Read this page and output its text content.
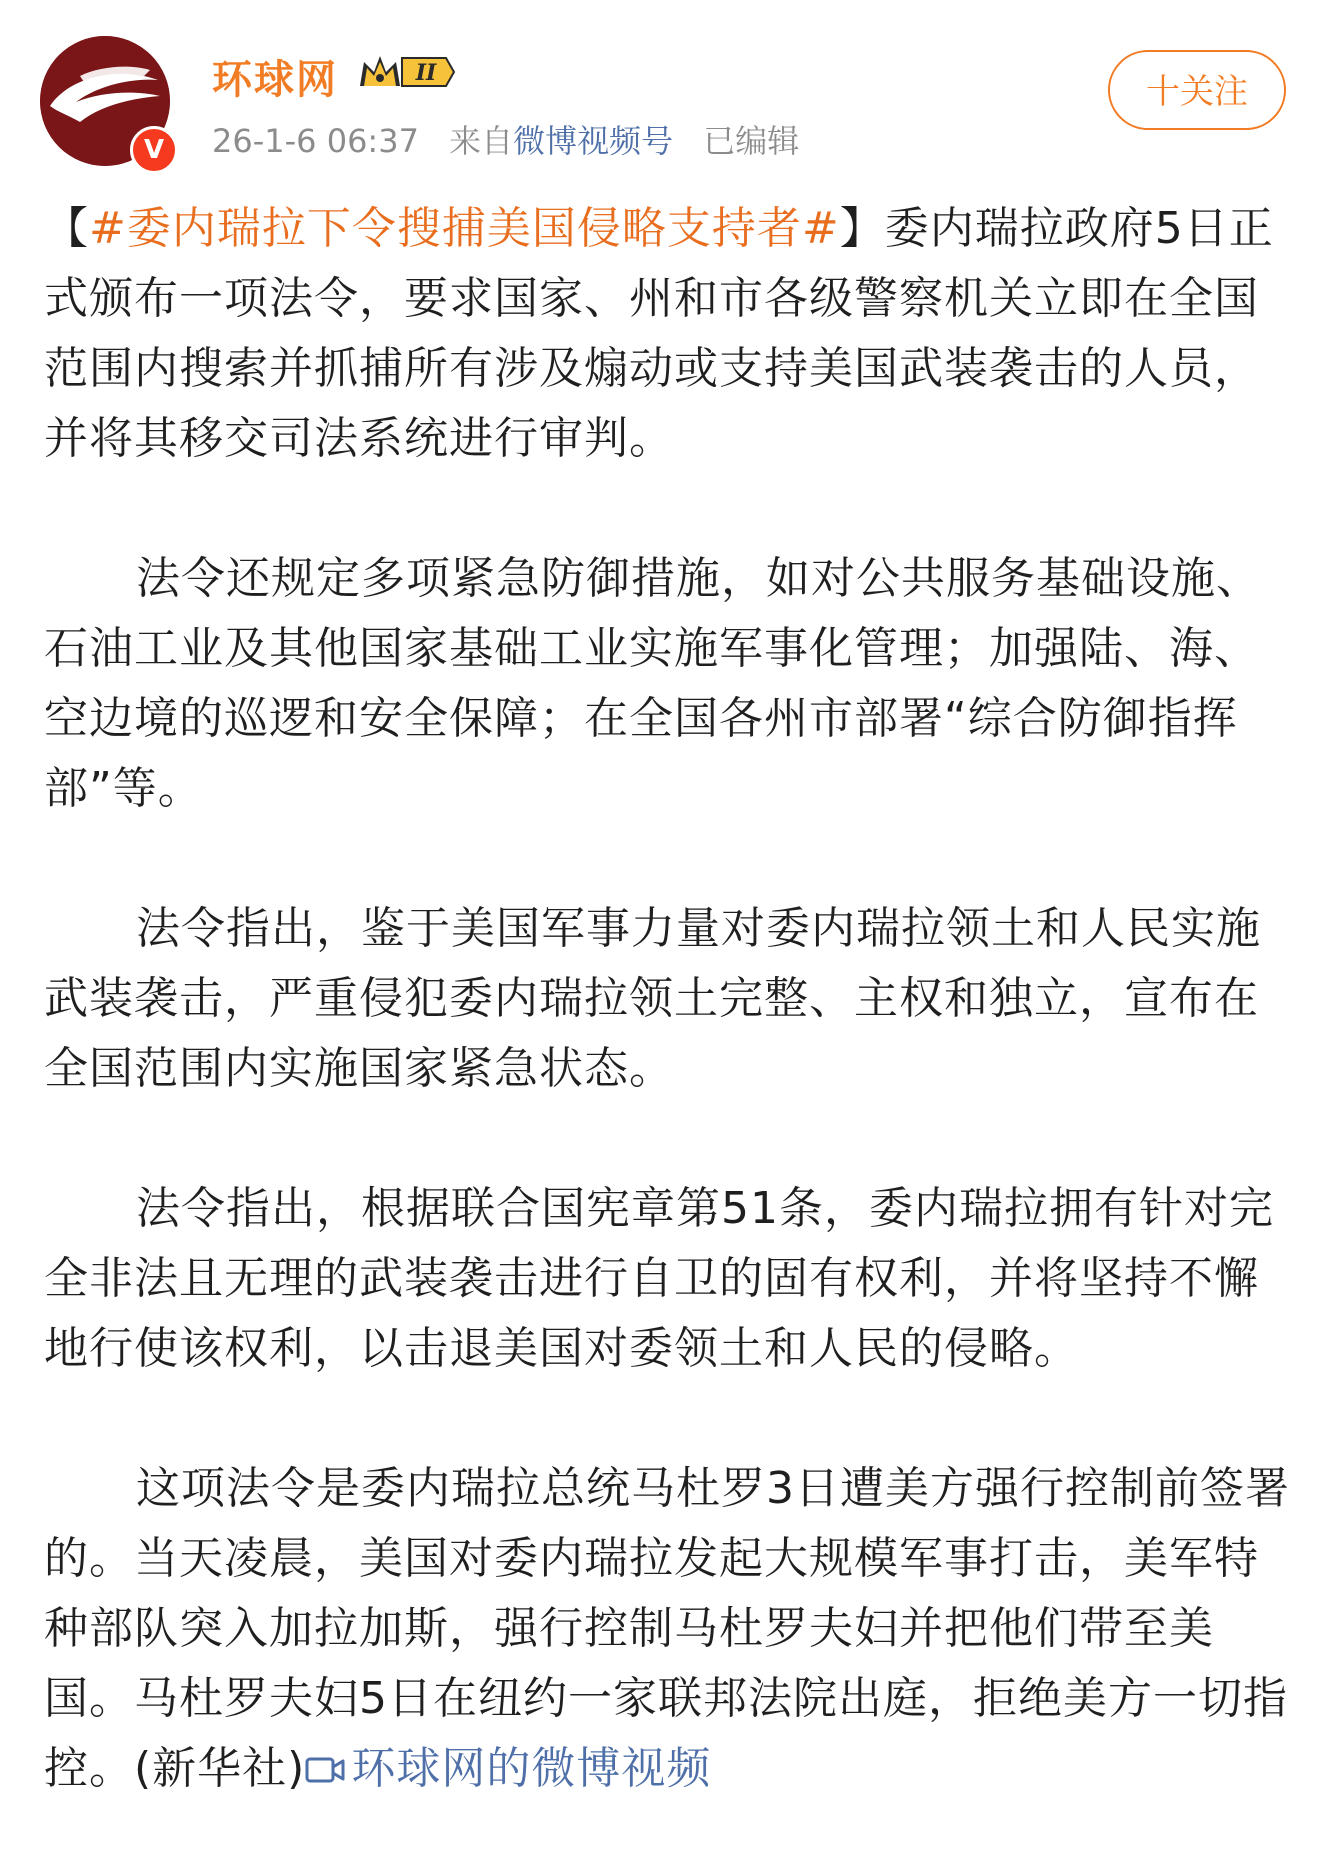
V
环球网	II
26-1-6 06:37 来自微博视频号 已编辑
十关注

【#委内瑞拉下令搜捕美国侵略支持者#】委内瑞拉政府5日正式颁布一项法令，要求国家、州和市各级警察机关立即在全国范围内搜索并抓捕所有涉及煽动或支持美国武装袭击的人员，并将其移交司法系统进行审判。

法令还规定多项紧急防御措施，如对公共服务基础设施、石油工业及其他国家基础工业实施军事化管理；加强陆、海、空边境的巡逻和安全保障；在全国各州市部署“综合防御指挥部”等。

法令指出，鉴于美国军事力量对委内瑞拉领土和人民实施武装袭击，严重侵犯委内瑞拉领土完整、主权和独立，宣布在全国范围内实施国家紧急状态。

法令指出，根据联合国宪章第51条，委内瑞拉拥有针对完全非法且无理的武装袭击进行自卫的固有权利，并将坚持不懈地行使该权利，以击退美国对委领土和人民的侵略。

这项法令是委内瑞拉总统马杜罗3日遭美方强行控制前签署的。当天凌晨，美国对委内瑞拉发起大规模军事打击，美军特种部队突入加拉加斯，强行控制马杜罗夫妇并把他们带至美国。马杜罗夫妇5日在纽约一家联邦法院出庭，拒绝美方一切指控。(新华社) 环球网的微博视频
